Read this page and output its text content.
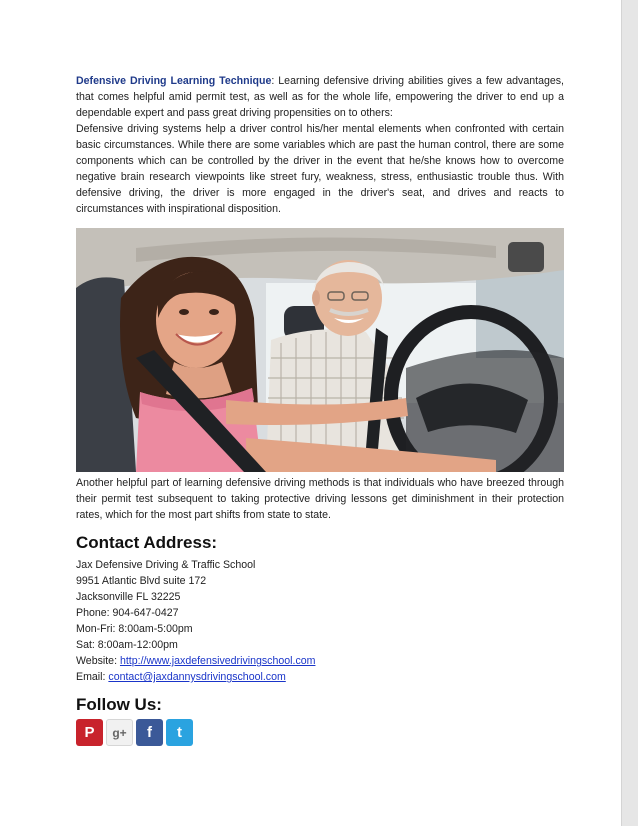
Defensive Driving Learning Technique: Learning defensive driving abilities gives a few advantages, that comes helpful amid permit test, as well as for the whole life, empowering the driver to end up a dependable expert and pass great driving propensities on to others:

Defensive driving systems help a driver control his/her mental elements when confronted with certain basic circumstances. While there are some variables which are past the human control, there are some components which can be controlled by the driver in the event that he/she knows how to overcome negative brain research viewpoints like street fury, weakness, stress, enthusiastic trouble thus. With defensive driving, the driver is more engaged in the driver's seat, and drives and reacts to circumstances with inspirational disposition.

Another helpful part of learning defensive driving methods is that individuals who have breezed through their permit test subsequent to taking protective driving lessons get diminishment in their protection rates, which for the most part shifts from state to state.

Contact Address:

Jax Defensive Driving & Traffic School

9951 Atlantic Blvd suite 172

Jacksonville FL 32225

Phone: 904-647-0427

Mon-Fri: 8:00am-5:00pm

Sat: 8:00am-12:00pm

Website: http://www.jaxdefensivedrivingschool.com

Email: contact@jaxdannysdrivingschool.com

Follow Us:
P	g+	f	t
